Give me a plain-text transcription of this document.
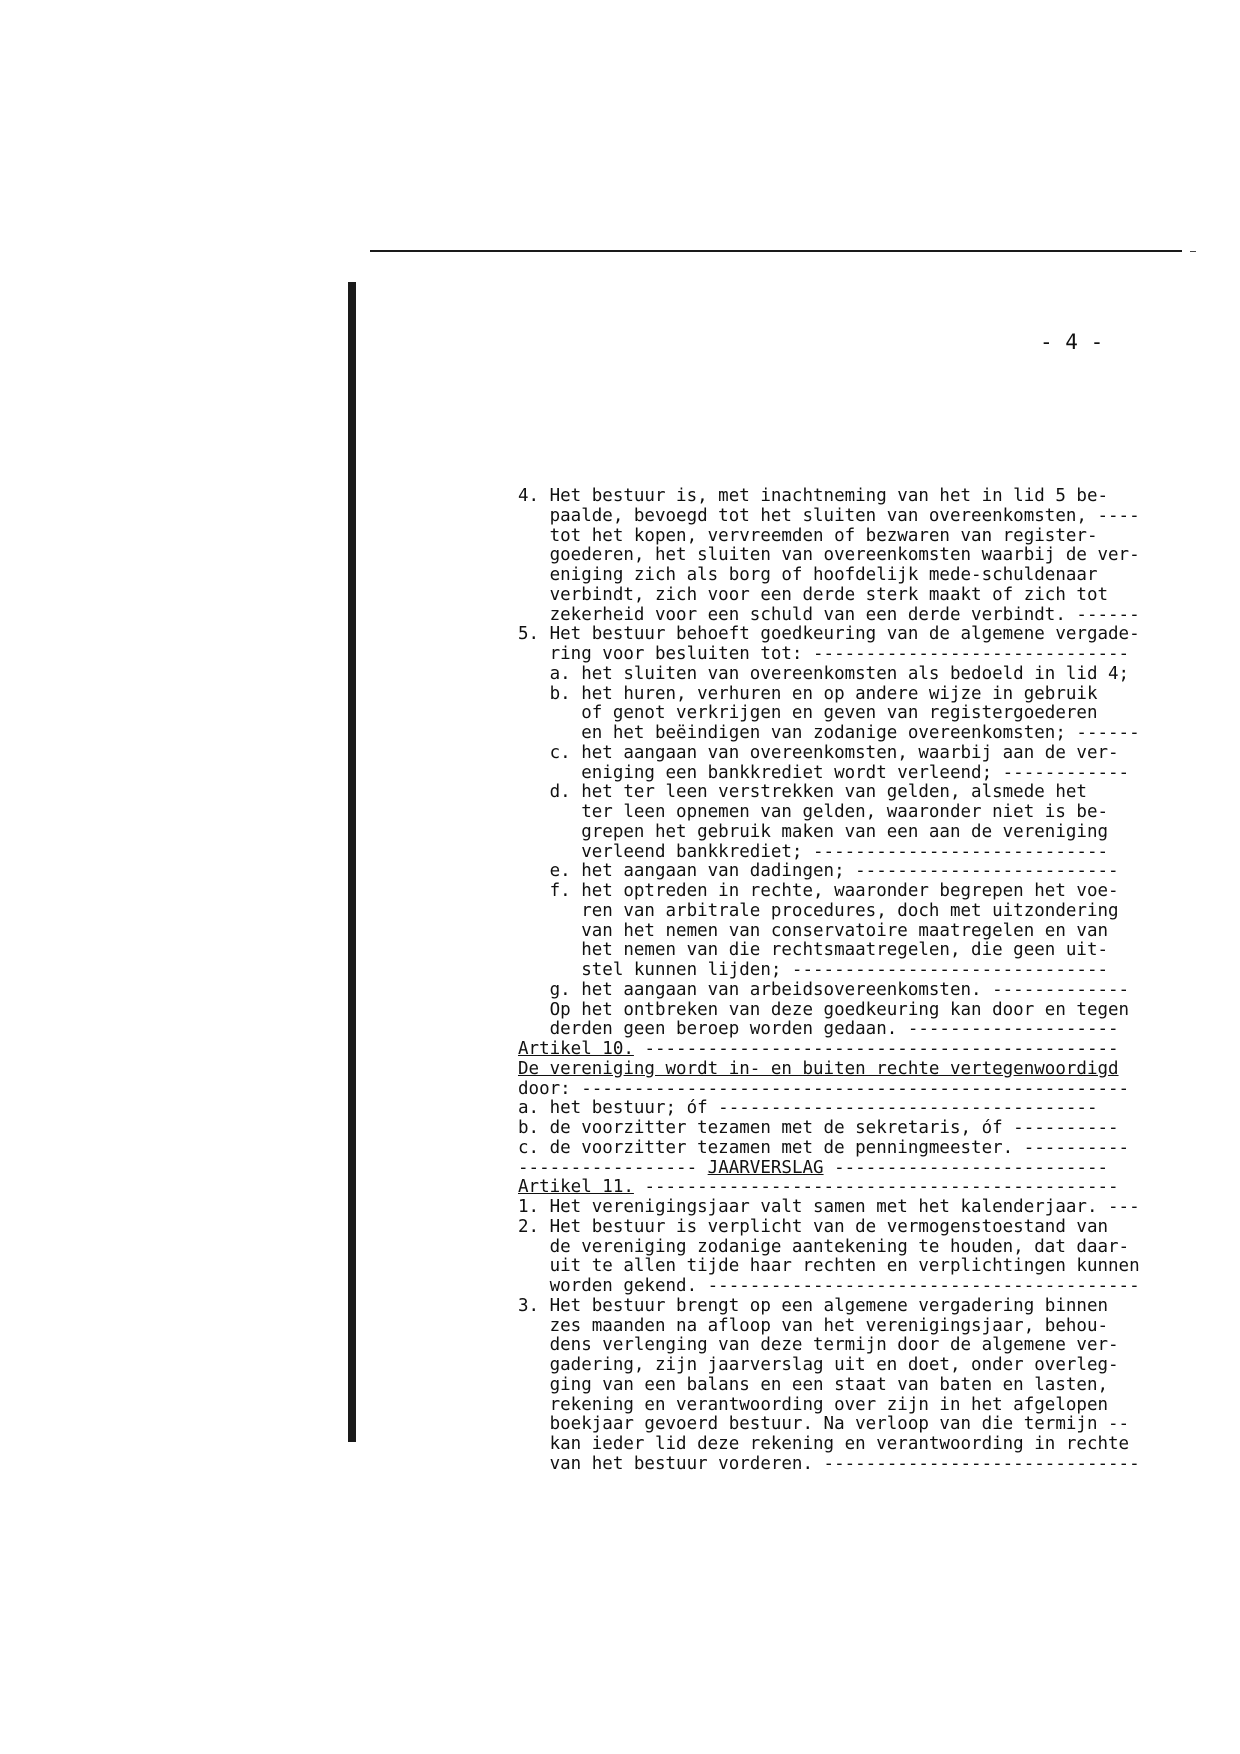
- 4 -
4. Het bestuur is, met inachtneming van het in lid 5 be-
paalde, bevoegd tot het sluiten van overeenkomsten, ----
tot het kopen, vervreemden of bezwaren van register-
goederen, het sluiten van overeenkomsten waarbij de ver-
eniging zich als borg of hoofdelijk mede-schuldenaar
verbindt, zich voor een derde sterk maakt of zich tot
zekerheid voor een schuld van een derde verbindt. ------
5. Het bestuur behoeft goedkeuring van de algemene vergade-
ring voor besluiten tot: ------------------------------
a. het sluiten van overeenkomsten als bedoeld in lid 4;
b. het huren, verhuren en op andere wijze in gebruik
of genot verkrijgen en geven van registergoederen
en het beëindigen van zodanige overeenkomsten; ------
c. het aangaan van overeenkomsten, waarbij aan de ver-
eniging een bankkrediet wordt verleend; ------------
d. het ter leen verstrekken van gelden, alsmede het
ter leen opnemen van gelden, waaronder niet is be-
grepen het gebruik maken van een aan de vereniging
verleend bankkrediet; ----------------------------
e. het aangaan van dadingen; -------------------------
f. het optreden in rechte, waaronder begrepen het voe-
ren van arbitrale procedures, doch met uitzondering
van het nemen van conservatoire maatregelen en van
het nemen van die rechtsmaatregelen, die geen uit-
stel kunnen lijden; ------------------------------
g. het aangaan van arbeidsovereenkomsten. -------------
Op het ontbreken van deze goedkeuring kan door en tegen
derden geen beroep worden gedaan. --------------------
Artikel 10. ---------------------------------------------
De vereniging wordt in- en buiten rechte vertegenwoordigd
door: ----------------------------------------------------
a. het bestuur; óf ------------------------------------
b. de voorzitter tezamen met de sekretaris, óf ----------
c. de voorzitter tezamen met de penningmeester. ----------
----------------- JAARVERSLAG --------------------------
Artikel 11. ---------------------------------------------
1. Het verenigingsjaar valt samen met het kalenderjaar. ---
2. Het bestuur is verplicht van de vermogenstoestand van
de vereniging zodanige aantekening te houden, dat daar-
uit te allen tijde haar rechten en verplichtingen kunnen
worden gekend. -----------------------------------------
3. Het bestuur brengt op een algemene vergadering binnen
zes maanden na afloop van het verenigingsjaar, behou-
dens verlenging van deze termijn door de algemene ver-
gadering, zijn jaarverslag uit en doet, onder overleg-
ging van een balans en een staat van baten en lasten,
rekening en verantwoording over zijn in het afgelopen
boekjaar gevoerd bestuur. Na verloop van die termijn --
kan ieder lid deze rekening en verantwoording in rechte
van het bestuur vorderen. ------------------------------
